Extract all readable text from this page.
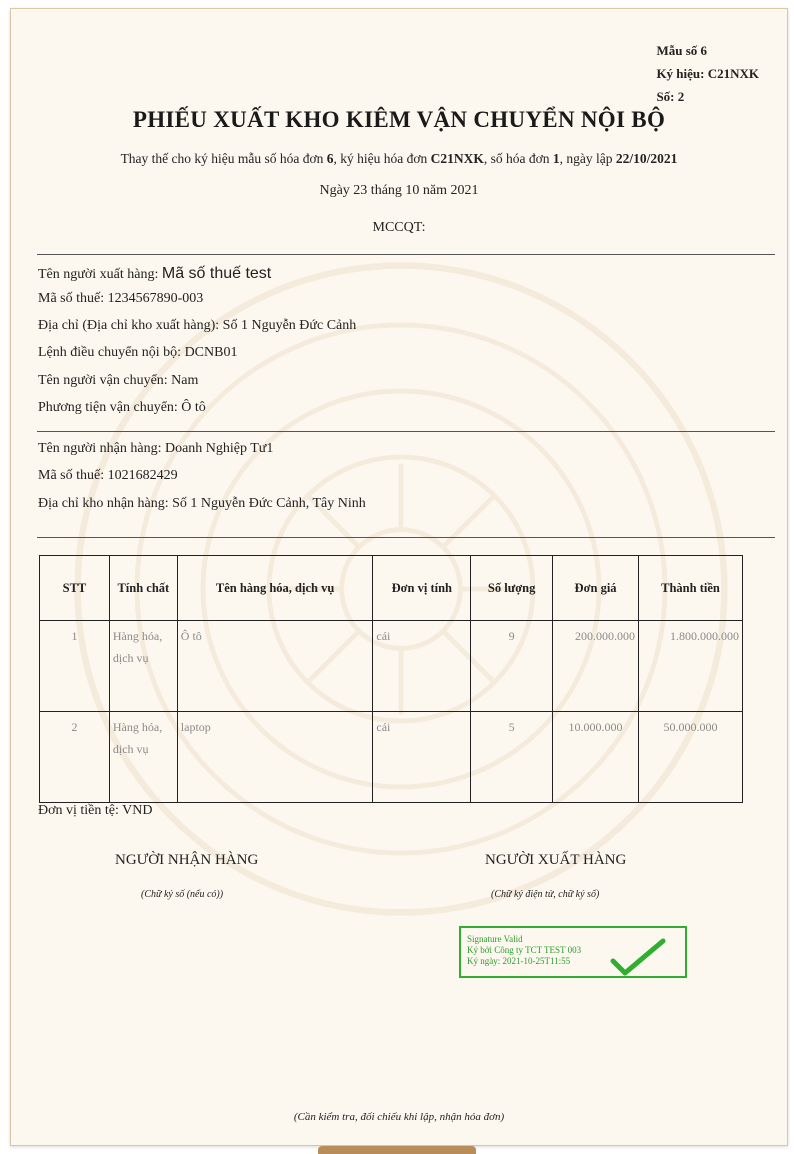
Mẫu số 6
Ký hiệu: C21NXK
Số: 2
PHIẾU XUẤT KHO KIÊM VẬN CHUYỂN NỘI BỘ
Thay thế cho ký hiệu mẫu số hóa đơn 6, ký hiệu hóa đơn C21NXK, số hóa đơn 1, ngày lập 22/10/2021
Ngày 23 tháng 10 năm 2021
MCCQT:
Tên người xuất hàng: Mã số thuế test
Mã số thuế: 1234567890-003
Địa chỉ (Địa chỉ kho xuất hàng): Số 1 Nguyễn Đức Cảnh
Lệnh điều chuyển nội bộ: DCNB01
Tên người vận chuyển: Nam
Phương tiện vận chuyển: Ô tô
Tên người nhận hàng: Doanh Nghiệp Tư1
Mã số thuế: 1021682429
Địa chỉ kho nhận hàng: Số 1 Nguyễn Đức Cảnh, Tây Ninh
STT	Tính chất	Tên hàng hóa, dịch vụ	Đơn vị tính	Số lượng	Đơn giá	Thành tiền
1	Hàng hóa, dịch vụ	Ô tô	cái	9	200.000.000	1.800.000.000
2	Hàng hóa, dịch vụ	laptop	cái	5	10.000.000	50.000.000
Đơn vị tiền tệ: VND
NGƯỜI NHẬN HÀNG
(Chữ ký số (nếu có))
NGƯỜI XUẤT HÀNG
(Chữ ký điện tử, chữ ký số)
Signature Valid
Ký bởi Công ty TCT TEST 003
Ký ngày: 2021-10-25T11:55
(Cần kiểm tra, đối chiếu khi lập, nhận hóa đơn)
